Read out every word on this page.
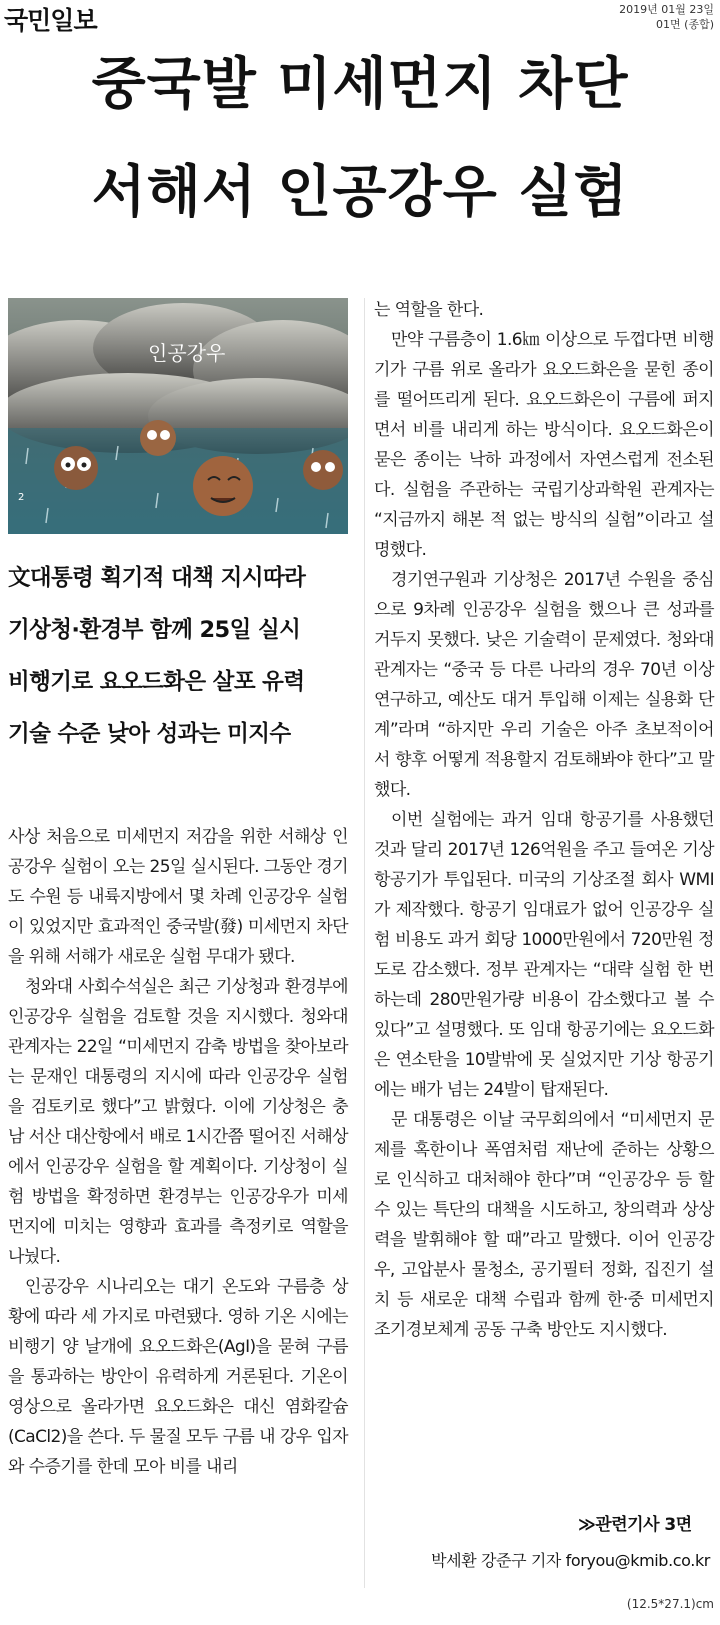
국민일보	2019년 01월 23일
01면 (종합)
중국발 미세먼지 차단
서해서 인공강우 실험
인공강우
2
文대통령 획기적 대책 지시따라
기상청·환경부 함께 25일 실시
비행기로 요오드화은 살포 유력
기술 수준 낮아 성과는 미지수

사상 처음으로 미세먼지 저감을 위한 서해상 인공강우 실험이 오는 25일 실시된다. 그동안 경기도 수원 등 내륙지방에서 몇 차례 인공강우 실험이 있었지만 효과적인 중국발(發) 미세먼지 차단을 위해 서해가 새로운 실험 무대가 됐다.

청와대 사회수석실은 최근 기상청과 환경부에 인공강우 실험을 검토할 것을 지시했다. 청와대 관계자는 22일 “미세먼지 감축 방법을 찾아보라는 문재인 대통령의 지시에 따라 인공강우 실험을 검토키로 했다”고 밝혔다. 이에 기상청은 충남 서산 대산항에서 배로 1시간쯤 떨어진 서해상에서 인공강우 실험을 할 계획이다. 기상청이 실험 방법을 확정하면 환경부는 인공강우가 미세먼지에 미치는 영향과 효과를 측정키로 역할을 나눴다.

인공강우 시나리오는 대기 온도와 구름층 상황에 따라 세 가지로 마련됐다. 영하 기온 시에는 비행기 양 날개에 요오드화은(AgI)을 묻혀 구름을 통과하는 방안이 유력하게 거론된다. 기온이 영상으로 올라가면 요오드화은 대신 염화칼슘(CaCl2)을 쓴다. 두 물질 모두 구름 내 강우 입자와 수증기를 한데 모아 비를 내리

는 역할을 한다.

만약 구름층이 1.6㎞ 이상으로 두껍다면 비행기가 구름 위로 올라가 요오드화은을 묻힌 종이를 떨어뜨리게 된다. 요오드화은이 구름에 퍼지면서 비를 내리게 하는 방식이다. 요오드화은이 묻은 종이는 낙하 과정에서 자연스럽게 전소된다. 실험을 주관하는 국립기상과학원 관계자는 “지금까지 해본 적 없는 방식의 실험”이라고 설명했다.

경기연구원과 기상청은 2017년 수원을 중심으로 9차례 인공강우 실험을 했으나 큰 성과를 거두지 못했다. 낮은 기술력이 문제였다. 청와대 관계자는 “중국 등 다른 나라의 경우 70년 이상 연구하고, 예산도 대거 투입해 이제는 실용화 단계”라며 “하지만 우리 기술은 아주 초보적이어서 향후 어떻게 적용할지 검토해봐야 한다”고 말했다.

이번 실험에는 과거 임대 항공기를 사용했던 것과 달리 2017년 126억원을 주고 들여온 기상 항공기가 투입된다. 미국의 기상조절 회사 WMI가 제작했다. 항공기 임대료가 없어 인공강우 실험 비용도 과거 회당 1000만원에서 720만원 정도로 감소했다. 정부 관계자는 “대략 실험 한 번 하는데 280만원가량 비용이 감소했다고 볼 수 있다”고 설명했다. 또 임대 항공기에는 요오드화은 연소탄을 10발밖에 못 실었지만 기상 항공기에는 배가 넘는 24발이 탑재된다.

문 대통령은 이날 국무회의에서 “미세먼지 문제를 혹한이나 폭염처럼 재난에 준하는 상황으로 인식하고 대처해야 한다”며 “인공강우 등 할 수 있는 특단의 대책을 시도하고, 창의력과 상상력을 발휘해야 할 때”라고 말했다. 이어 인공강우, 고압분사 물청소, 공기필터 정화, 집진기 설치 등 새로운 대책 수립과 함께 한·중 미세먼지 조기경보체계 공동 구축 방안도 지시했다.

≫관련기사 3면
박세환 강준구 기자 foryou@kmib.co.kr
(12.5*27.1)cm
